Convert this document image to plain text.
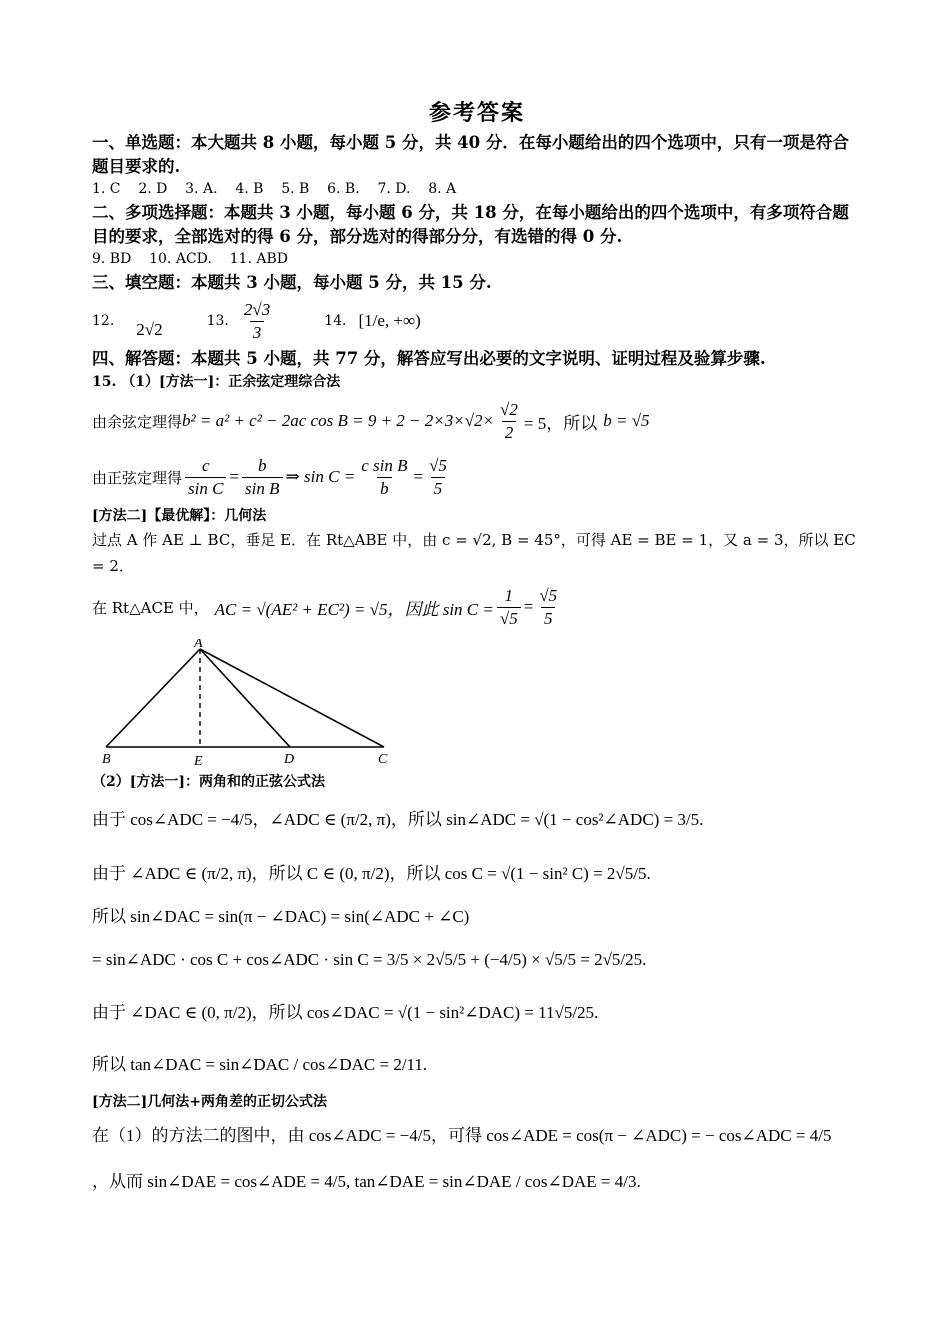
参考答案
一、单选题：本大题共 8 小题，每小题 5 分，共 40 分．在每小题给出的四个选项中，只有一项是符合题目要求的.
1. C    2. D    3. A.    4. B    5. B    6. B.    7. D.    8. A
二、多项选择题：本题共 3 小题，每小题 6 分，共 18 分，在每小题给出的四个选项中，有多项符合题目的要求，全部选对的得 6 分，部分选对的得部分分，有选错的得 0 分.
9. BD    10. ACD.    11. ABD
三、填空题：本题共 3 小题，每小题 5 分，共 15 分.
12. 2√2	13. $\frac{2√3}{3}$	14. [1/e, +∞)
四、解答题：本题共 5 小题，共 77 分，解答应写出必要的文字说明、证明过程及验算步骤.
15. （1）[方法一]：正余弦定理综合法
由余弦定理得 b² = a² + c² − 2ac $\cos B = 9 + 2 - 2\times 3\times√2\times \frac{√2}{2} = 5$，所以 b = √5
由正弦定理得 $\frac{c}{\text{sin C}} = \frac{b}{\text{sin B}}$ ⇒ $\sin C = \frac{\text{c sin B}}{b} = \frac{√5}{5}$
[方法二]【最优解】：几何法
过点 A 作 AE ⊥ BC，垂足 E．在 Rt△ABE 中，由 c = √2, B = 45°，可得 AE = BE = 1，又 a = 3，所以 EC = 2．
在 Rt△ACE 中， AC = √(AE² + EC²) = √5，因此 $\sin C = \frac{1}{√5} = \frac{√5}{5}$
A
B	E	D	C
（2）[方法一]：两角和的正弦公式法
由于 cos∠ADC = −4/5，∠ADC ∈ (π/2, π)，所以 sin∠ADC = √(1 − cos²∠ADC) = 3/5.
由于 ∠ADC ∈ (π/2, π)，所以 C ∈ (0, π/2)，所以 cos C = √(1 − sin² C) = 2√5/5.
所以 sin∠DAC = sin(π − ∠DAC) = sin(∠ADC + ∠C)
= sin∠ADC · cos C + cos∠ADC · sin C = 3/5 × 2√5/5 + (−4/5) × √5/5 = 2√5/25.
由于 ∠DAC ∈ (0, π/2)，所以 cos∠DAC = √(1 − sin²∠DAC) = 11√5/25.
所以 tan∠DAC = sin∠DAC / cos∠DAC = 2/11.
[方法二]几何法+两角差的正切公式法
在（1）的方法二的图中，由 cos∠ADC = −4/5，可得 cos∠ADE = cos(π − ∠ADC) = − cos∠ADC = 4/5
，从而 sin∠DAE = cos∠ADE = 4/5, tan∠DAE = sin∠DAE / cos∠DAE = 4/3.
